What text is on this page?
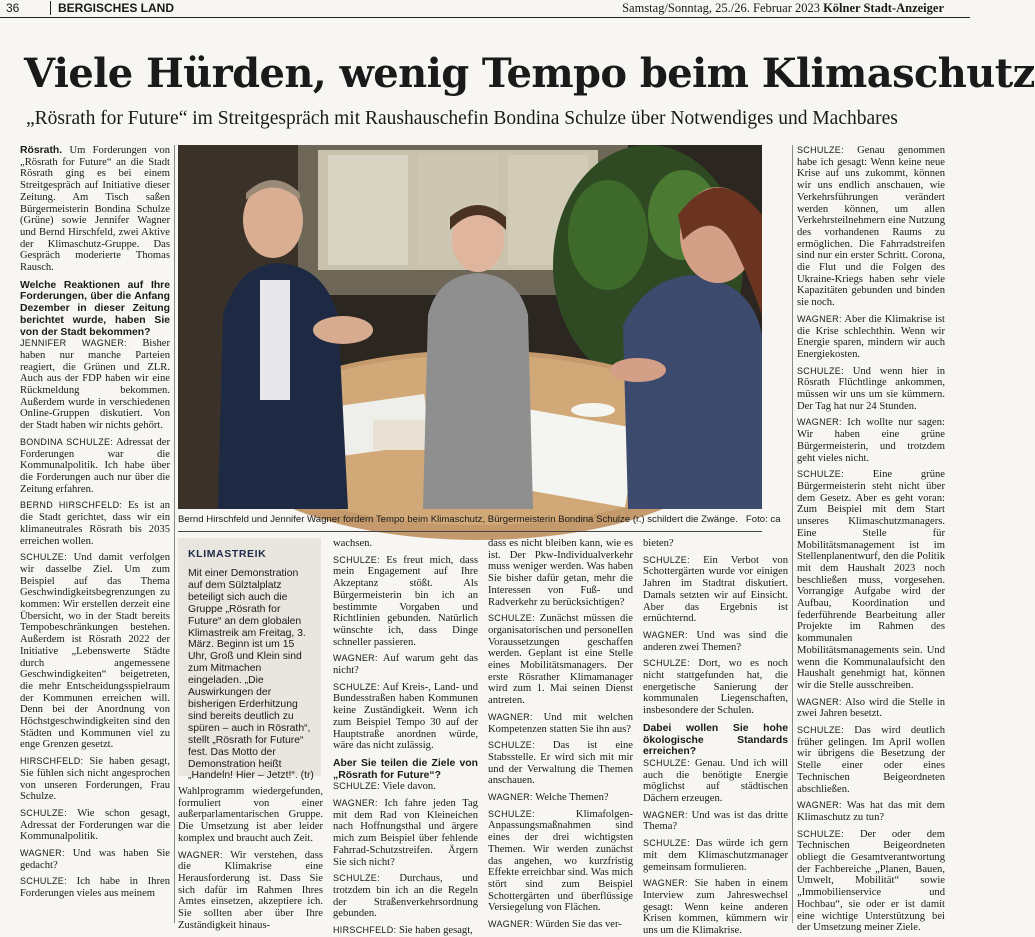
36	BERGISCHES LAND	Samstag/Sonntag, 25./26. Februar 2023 Kölner Stadt-Anzeiger
Viele Hürden, wenig Tempo beim Klimaschutz

„Rösrath for Future“ im Streitgespräch mit Raushauschefin Bondina Schulze über Notwendiges und Machbares

Rösrath. Um Forderungen von „Rösrath for Future“ an die Stadt Rösrath ging es bei einem Streitgespräch auf Initiative dieser Zeitung. Am Tisch saßen Bürgermeisterin Bondina Schulze (Grüne) sowie Jennifer Wagner und Bernd Hirschfeld, zwei Aktive der Klimaschutz-Gruppe. Das Gespräch moderierte Thomas Rausch.

Welche Reaktionen auf Ihre Forderungen, über die Anfang Dezember in dieser Zeitung berichtet wurde, haben Sie von der Stadt bekommen?

JENNIFER WAGNER: Bisher haben nur manche Parteien reagiert, die Grünen und ZLR. Auch aus der FDP haben wir eine Rückmeldung bekommen. Außerdem wurde in verschiedenen Online-Gruppen diskutiert. Von der Stadt haben wir nichts gehört.

BONDINA SCHULZE: Adressat der Forderungen war die Kommunalpolitik. Ich habe über die Forderungen auch nur über die Zeitung erfahren.

BERND HIRSCHFELD: Es ist an die Stadt gerichtet, dass wir ein klimaneutrales Rösrath bis 2035 erreichen wollen.

SCHULZE: Und damit verfolgen wir dasselbe Ziel. Um zum Beispiel auf das Thema Geschwindigkeitsbegrenzungen zu kommen: Wir erstellen derzeit eine Übersicht, wo in der Stadt bereits Tempobeschränkungen bestehen. Außerdem ist Rösrath 2022 der Initiative „Lebenswerte Städte durch angemessene Geschwindigkeiten“ beigetreten, die mehr Entscheidungsspielraum der Kommunen erreichen will. Denn bei der Anordnung von Höchstgeschwindigkeiten sind den Städten und Kommunen viel zu enge Grenzen gesetzt.

HIRSCHFELD: Sie haben gesagt, Sie fühlen sich nicht angesprochen von unseren Forderungen, Frau Schulze.

SCHULZE: Wie schon gesagt, Adressat der Forderungen war die Kommunalpolitik.

WAGNER: Und was haben Sie gedacht?

SCHULZE: Ich habe in Ihren Forderungen vieles aus meinem

Bernd Hirschfeld und Jennifer Wagner fordern Tempo beim Klimaschutz, Bürgermeisterin Bondina Schulze (r.) schildert die Zwänge. Foto: ca
KLIMASTREIK
Mit einer Demonstration auf dem Sülztalplatz beteiligt sich auch die Gruppe „Rösrath for Future“ an dem globalen Klimastreik am Freitag, 3. März. Beginn ist um 15 Uhr, Groß und Klein sind zum Mitmachen eingeladen. „Die Auswirkungen der bisherigen Erderhitzung sind bereits deutlich zu spüren – auch in Rösrath“, stellt „Rösrath for Future“ fest. Das Motto der Demonstration heißt „Handeln! Hier – Jetzt!“. (tr)

Wahlprogramm wiedergefunden, formuliert von einer außerparlamentarischen Gruppe. Die Umsetzung ist aber leider komplex und braucht auch Zeit.

WAGNER: Wir verstehen, dass die Klimakrise eine Herausforderung ist. Dass Sie sich dafür im Rahmen Ihres Amtes einsetzen, akzeptiere ich. Sie sollten aber über Ihre Zuständigkeit hinaus-

wachsen.

SCHULZE: Es freut mich, dass mein Engagement auf Ihre Akzeptanz stößt. Als Bürgermeisterin bin ich an bestimmte Vorgaben und Richtlinien gebunden. Natürlich wünschte ich, dass Dinge schneller passieren.

WAGNER: Auf warum geht das nicht?

SCHULZE: Auf Kreis-, Land- und Bundesstraßen haben Kommunen keine Zuständigkeit. Wenn ich zum Beispiel Tempo 30 auf der Hauptstraße anordnen würde, wäre das nicht zulässig.

Aber Sie teilen die Ziele von „Rösrath for Future“?

SCHULZE: Viele davon.

WAGNER: Ich fahre jeden Tag mit dem Rad von Kleineichen nach Hoffnungsthal und ärgere mich zum Beispiel über fehlende Fahrrad-Schutzstreifen. Ärgern Sie sich nicht?

SCHULZE: Durchaus, und trotzdem bin ich an die Regeln der Straßenverkehrsordnung gebunden.

HIRSCHFELD: Sie haben gesagt,

dass es nicht bleiben kann, wie es ist. Der Pkw-Individualverkehr muss weniger werden. Was haben Sie bisher dafür getan, mehr die Interessen von Fuß- und Radverkehr zu berücksichtigen?

SCHULZE: Zunächst müssen die organisatorischen und personellen Voraussetzungen geschaffen werden. Geplant ist eine Stelle eines Mobilitätsmanagers. Der erste Rösrather Klimamanager wird zum 1. Mai seinen Dienst antreten.

WAGNER: Und mit welchen Kompetenzen statten Sie ihn aus?

SCHULZE: Das ist eine Stabsstelle. Er wird sich mit mir und der Verwaltung die Themen anschauen.

WAGNER: Welche Themen?

SCHULZE:	Klimafolgen-Anpassungsmaßnahmen sind eines der drei wichtigsten Themen. Wir werden zunächst das angehen, wo kurzfristig Effekte erreichbar sind. Was mich stört sind zum Beispiel Schottergärten und überflüssige Versiegelung von Flächen.

WAGNER: Würden Sie das ver-

bieten?

SCHULZE: Ein Verbot von Schottergärten wurde vor einigen Jahren im Stadtrat diskutiert. Damals setzten wir auf Einsicht. Aber das Ergebnis ist ernüchternd.

WAGNER: Und was sind die anderen zwei Themen?

SCHULZE: Dort, wo es noch nicht stattgefunden hat, die energetische Sanierung der kommunalen Liegenschaften, insbesondere der Schulen.

Dabei wollen Sie hohe ökologische Standards erreichen?

SCHULZE: Genau. Und ich will auch die benötigte Energie möglichst auf städtischen Dächern erzeugen.

WAGNER: Und was ist das dritte Thema?

SCHULZE: Das würde ich gern mit dem Klimaschutzmanager gemeinsam formulieren.

WAGNER: Sie haben in einem Interview zum Jahreswechsel gesagt: Wenn keine anderen Krisen kommen, kümmern wir uns um die Klimakrise.

SCHULZE: Genau genommen habe ich gesagt: Wenn keine neue Krise auf uns zukommt, können wir uns endlich anschauen, wie Verkehrsführungen verändert werden können, um allen Verkehrsteilnehmern eine Nutzung des vorhandenen Raums zu ermöglichen. Die Fahrradstreifen sind nur ein erster Schritt. Corona, die Flut und die Folgen des Ukraine-Kriegs haben sehr viele Kapazitäten gebunden und binden sie noch.

WAGNER: Aber die Klimakrise ist die Krise schlechthin. Wenn wir Energie sparen, mindern wir auch Energiekosten.

SCHULZE: Und wenn hier in Rösrath Flüchtlinge ankommen, müssen wir uns um sie kümmern. Der Tag hat nur 24 Stunden.

WAGNER: Ich wollte nur sagen: Wir haben eine grüne Bürgermeisterin, und trotzdem geht vieles nicht.

SCHULZE:	Eine grüne Bürgermeisterin steht nicht über dem Gesetz. Aber es geht voran: Zum Beispiel mit dem Start unseres Klimaschutzmanagers. Eine Stelle für Mobilitätsmanagement ist im Stellenplanentwurf, den die Politik mit dem Haushalt 2023 noch beschließen muss, vorgesehen. Vorrangige Aufgabe wird der Aufbau, Koordination und federführende Bearbeitung aller Projekte im Rahmen des kommunalen Mobilitätsmanagements sein. Und wenn die Kommunalaufsicht den Haushalt genehmigt hat, können wir die Stelle ausschreiben.

WAGNER: Also wird die Stelle in zwei Jahren besetzt.

SCHULZE: Das wird deutlich früher gelingen. Im April wollen wir übrigens die Besetzung der Stelle einer oder eines Technischen Beigeordneten abschließen.

WAGNER: Was hat das mit dem Klimaschutz zu tun?

SCHULZE: Der oder dem Technischen Beigeordneten obliegt die Gesamtverantwortung der Fachbereiche „Planen, Bauen, Umwelt, Mobilität“ sowie „Immobilienservice und Hochbau“, sie oder er ist damit eine wichtige Unterstützung bei der Umsetzung meiner Ziele.
